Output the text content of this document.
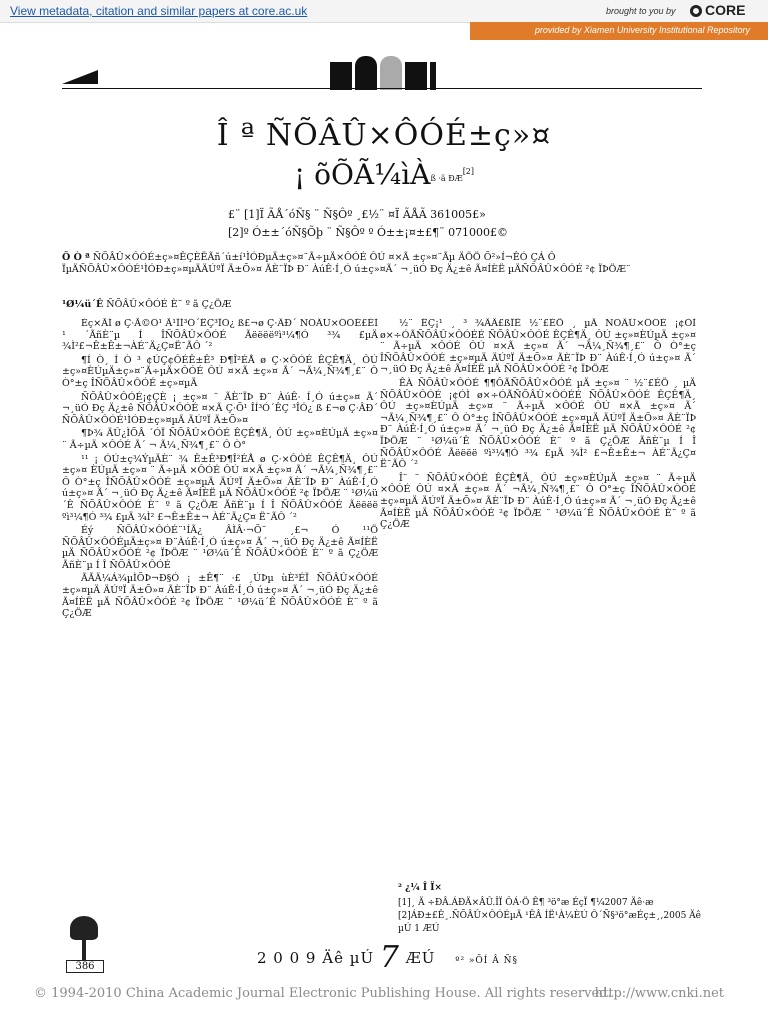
View metadata, citation and similar papers at core.ac.uk	brought to you by	CORE
provided by Xiamen University Institutional Repository
Î ª ÑÕÂÛ×ÔÓÉ±ç»¤
¡ õÕÃ¼ìÀß ·ä ÐÆ[2]
£¨ [1]Ï ÃÅ´óÑ§ ¨ Ñ§Ôº ¸£½¨ ¤Ï ÃÅÃ 361005£»
[2]º Ó±±´óÑ§Õþ ¨ Ñ§Ôº º Ó±±¡¤±£¶¨ 071000£©
Õ Ò ª ÑÕÂÛ×ÔÓÉ±ç»¤ÊÇÈËÃñ´ú±í¹ÌÓÐµÄ±ç»¤¨Ã÷µÄ×ÔÓÉ ÔÚ ¤×Ã ±ç»¤¨Ãµ ÄÖÖ Õ²»Í¬ÊÓ ÇÁ Ô ÏµÄÑÕÂÛ×ÔÓÉ¹ÌÓÐ±ç»¤µÄÄÚºÏ Ä±Õ»¤ ÃÈ¨ÏÞ Ð¨ ÀúÊ·Í¸Ó ú±ç»¤Ã´ ¬¸üÓ Ðç Ä¿±ê Ã¤ÍÈË µÄÑÕÂÛ×ÔÓÉ ²¢ ÏÞÖÆ¨
¹Ø¼ü´Ê ÑÕÂÛ×ÔÓÉ È¨ º ã Ç¿ÖÆ

Èç×ÃÍ ø Ç·Ã©Õ¹ Ã¹ÎÍ³Ó´ÊÇ³ÎÓ¿ ß£¬ø Ç·ÂÐ´ ÑÕÂÛ×ÔÓÉ£ÈÍ ¹ ´ÃñÈ¨µ Í ÎÑÕÂÛ×ÔÓÉ Ãëëëëºì³¼¶Ó ³¾ £µÄ ¾Ì²£¬Ê±Ê±¬ÀÉ¨Ä¿Ç¤Ë¯ÃÔ ´²

¶Í Ò¸ Í Ò ³ ¢ÚÇ¢ÔÉÊ±Ê³ Ð¶Î²ÉÅ ø Ç·×ÔÓÉ ÊÇÊ¶Ä¸ ÔÚ ±ç»¤ÈÚµÄ±ç»¤¨Ã÷µÄ×ÔÓÉ ÔÚ ¤×Ã ±ç»¤ Ã´ ¬Ã¼¸Ñ¾¶¸£¨ Ô Ò°±ç ÎÑÕÂÛ×ÔÓÉ ±ç»¤µÄ

ÑÕÂÛ×ÔÓÉ¡¢ÇÈ ¡ ±ç»¤ ¨ ÃÈ¨ÏÞ Ð¨ ÀúÊ· Í¸Ó ú±ç»¤ Ã´ ¬¸üÓ Ðç Ä¿±ê ÑÕÂÛ×ÔÓÉ ¤×Ã Ç·Õ¹ ÎÍ³Ó´ÊÇ ³ÎÓ¿ ß £¬ø Ç·ÂÐ´ ÑÕÂÛ×ÔÓÉ¹ÌÓÐ±ç»¤µÄ ÄÚºÏ Ä±Õ»¤

¶Þ¾ ÄÛ¿ÌÕÂ ´ÓÏ ÑÕÂÛ×ÔÓÉ ÊÇÊ¶Ä¸ ÔÚ ±ç»¤ÈÚµÄ ±ç»¤ ¨ Ã÷µÄ ×ÔÓÉ Ã´ ¬ Ã¼¸Ñ¾¶¸£¨ Ô Ò°

¹¹ ¡ ÓÚ±ç¾ÝµÄÈ¨ ¾ Ê±Ê³Ð¶Î²ÉÅ ø Ç·×ÔÓÉ ÊÇÊ¶Ä¸ ÔÚ ±ç»¤ ÈÚµÄ ±ç»¤ ¨ Ã÷µÄ ×ÔÓÉ ÔÚ ¤×Ã ±ç»¤ Ã´ ¬Ã¼¸Ñ¾¶¸£¨ Ô Ò°±ç ÎÑÕÂÛ×ÔÓÉ ±ç»¤µÄ ÄÚºÏ Ä±Õ»¤ ÃÈ¨ÏÞ Ð¨ ÀúÊ·Í¸Ó ú±ç»¤ Ã´ ¬¸üÓ Ðç Ä¿±ê Ã¤ÍÈË µÄ ÑÕÂÛ×ÔÓÉ ²¢ ÏÞÖÆ ¨ ¹Ø¼ü´Ê ÑÕÂÛ×ÔÓÉ È¨ º ã Ç¿ÖÆ ÃñÈ¨µ Í Î ÑÕÂÛ×ÔÓÉ Ãëëëë ºì³¼¶Ó ³¾ £µÄ ¾Ì² £¬Ê±Ê±¬ ÀÉ¨Ä¿Ç¤ Ë¯ÃÔ ´²

Éý ÑÕÂÛ×ÔÓÉ¨¹ÍÃ¿ ÂÌÂ·¬Õ¨ ¸£¬ Ó ¹¹Ö ÑÕÂÛ×ÔÓÉµÄ±ç»¤ Ð¨ÀúÊ·Í¸Ó ú±ç»¤ Ã´ ¬¸üÓ Ðç Ä¿±ê Ã¤ÍÈË µÄ ÑÕÂÛ×ÔÓÉ ²¢ ÏÞÖÆ ¨ ¹Ø¼ü´Ê ÑÕÂÛ×ÔÓÉ È¨ º ã Ç¿ÖÆ ÃñÈ¨µ Í Î ÑÕÂÛ×ÔÓÉ

ÃÃÄ¼Á¾µÌÕÞ¬Ð§Ó ¡ ±Ê¶¨ ·£ ¸ÚÞµ ùÈ³ÉÏ ÑÕÂÛ×ÔÓÉ ±ç»¤µÄ ÄÚºÏ Ä±Õ»¤ ÃÈ¨ÏÞ Ð¨ ÀúÊ·Í¸Ó ú±ç»¤ Ã´ ¬¸üÓ Ðç Ä¿±ê Ã¤ÍÈË µÄ ÑÕÂÛ×ÔÓÉ ²¢ ÏÞÖÆ ¨ ¹Ø¼ü´Ê ÑÕÂÛ×ÔÓÉ È¨ º ã Ç¿ÖÆ

½¨ ÊÇ¡¹ ¸ ³ ¾ÄÄ£ßÎÊ ½¨£ÉÖ ¸ µÄ ÑÕÂÛ×ÔÓÉ ¡¢ÓÌ ø×÷ÓÃÑÕÂÛ×ÔÓÉÉ ÑÕÂÛ×ÔÓÉ ÊÇÊ¶Ä¸ ÔÚ ±ç»¤ÈÚµÄ ±ç»¤ ¨ Ã÷µÄ ×ÔÓÉ ÔÚ ¤×Ã ±ç»¤ Ã´ ¬Ã¼¸Ñ¾¶¸£¨ Ô Ò°±ç ÎÑÕÂÛ×ÔÓÉ ±ç»¤µÄ ÄÚºÏ Ä±Õ»¤ ÃÈ¨ÏÞ Ð¨ ÀúÊ·Í¸Ó ú±ç»¤ Ã´ ¬¸üÓ Ðç Ä¿±ê Ã¤ÍÈË µÄ ÑÕÂÛ×ÔÓÉ ²¢ ÏÞÖÆ

ÊÀ ÑÕÂÛ×ÔÓÉ ¶¶ÔÃÑÕÂÛ×ÔÓÉ µÄ ±ç»¤ ¨ ½¨£ÉÖ ¸ µÄ ÑÕÂÛ×ÔÓÉ ¡¢ÓÌ ø×÷ÓÃÑÕÂÛ×ÔÓÉÉ ÑÕÂÛ×ÔÓÉ ÊÇÊ¶Ä¸ ÔÚ ±ç»¤ÈÚµÄ ±ç»¤ ¨ Ã÷µÄ ×ÔÓÉ ÔÚ ¤×Ã ±ç»¤ Ã´ ¬Ã¼¸Ñ¾¶¸£¨ Ô Ò°±ç ÎÑÕÂÛ×ÔÓÉ ±ç»¤µÄ ÄÚºÏ Ä±Õ»¤ ÃÈ¨ÏÞ Ð¨ ÀúÊ·Í¸Ó ú±ç»¤ Ã´ ¬¸üÓ Ðç Ä¿±ê Ã¤ÍÈË µÄ ÑÕÂÛ×ÔÓÉ ²¢ ÏÞÖÆ ¨ ¹Ø¼ü´Ê ÑÕÂÛ×ÔÓÉ È¨ º ã Ç¿ÖÆ ÃñÈ¨µ Í Î ÑÕÂÛ×ÔÓÉ Ãëëëë ºì³¼¶Ó ³¾ £µÄ ¾Ì² £¬Ê±Ê±¬ ÀÉ¨Ä¿Ç¤ Ë¯ÃÔ ´²

Î¨ ¨ ÑÕÂÛ×ÔÓÉ ÊÇÊ¶Ä¸ ÔÚ ±ç»¤ÈÚµÄ ±ç»¤ ¨ Ã÷µÄ ×ÔÓÉ ÔÚ ¤×Ã ±ç»¤ Ã´ ¬Ã¼¸Ñ¾¶¸£¨ Ô Ò°±ç ÎÑÕÂÛ×ÔÓÉ ±ç»¤µÄ ÄÚºÏ Ä±Õ»¤ ÃÈ¨ÏÞ Ð¨ ÀúÊ·Í¸Ó ú±ç»¤ Ã´ ¬¸üÓ Ðç Ä¿±ê Ã¤ÍÈË µÄ ÑÕÂÛ×ÔÓÉ ²¢ ÏÞÖÆ ¨ ¹Ø¼ü´Ê ÑÕÂÛ×ÔÓÉ È¨ º ã Ç¿ÖÆ

² ¿¼ Î Ï×
[1]¸ Ä ÷ÐÂ.ÁÐÄ×ÂÛ.ÎÏ ÔÁ·Ö Ê¶ ³ö°æ ÉçÏ ¶¼2007 Äê·æ
[2]ÁÐ±£Ê¸.ÑÕÂÛ×ÔÓÉµÄ ¹ÊÂ ÍË¹À¼ÈÚ Ô´Ñ§³ö°æÉç±¸,2005 Äê µÚ 1 ÆÚ
386	2 0 0 9 Äê µÚ 7 ÆÚ º² »ÕÍ Â Ñ§
© 1994-2010 China Academic Journal Electronic Publishing House. All rights reserved.
http://www.cnki.net
